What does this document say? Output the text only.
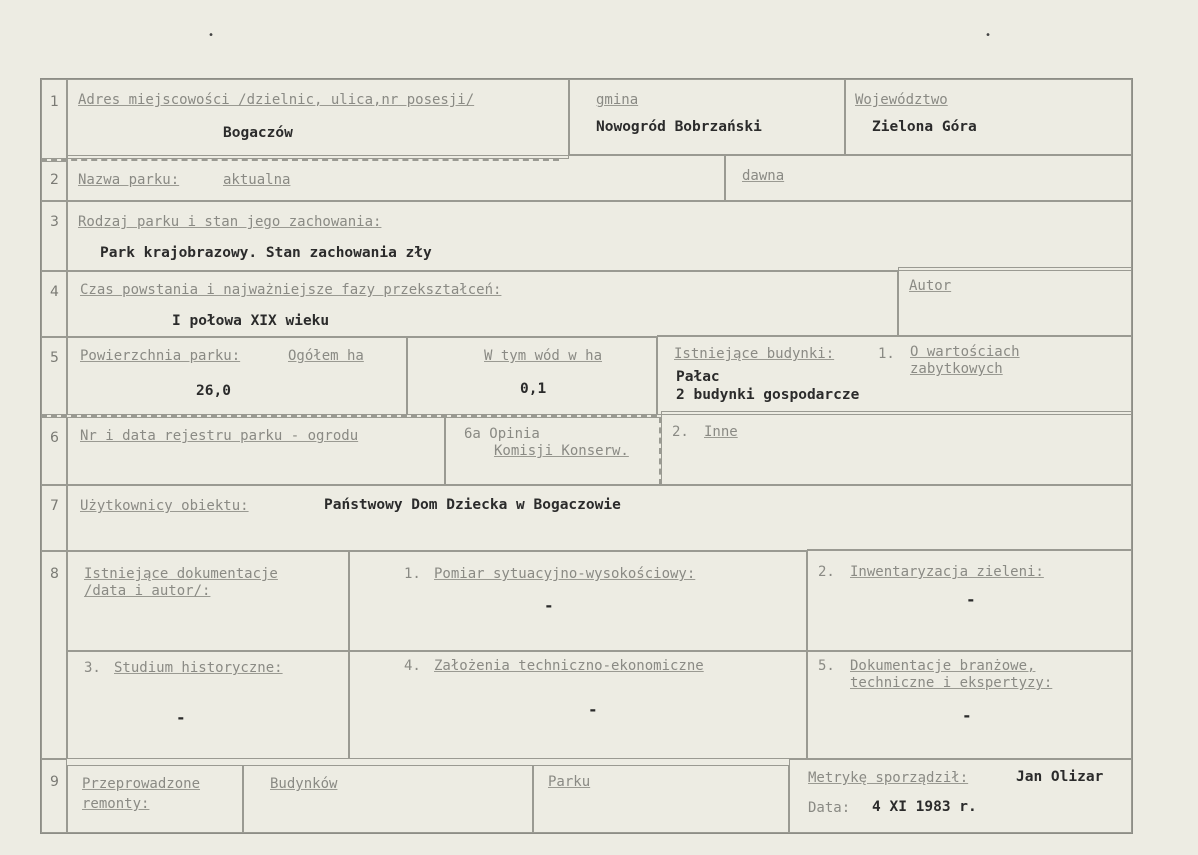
•	•
1 Adres miejscowości /dzielnic, ulica,nr posesji/
Bogaczów
gmina
Nowogród Bobrzański
Województwo
Zielona Góra
2 Nazwa parku:	aktualna	dawna
3 Rodzaj parku i stan jego zachowania:
Park krajobrazowy. Stan zachowania zły
4 Czas powstania i najważniejsze fazy przekształceń:
I połowa XIX wieku
Autor
5 Powierzchnia parku:	Ogółem ha
26,0
W tym wód w ha
0,1
Istniejące budynki:	1. O wartościach
zabytkowych
Pałac
2 budynki gospodarcze
6 Nr i data rejestru parku - ogrodu	6a Opinia
Komisji Konserw.
2. Inne
7 Użytkownicy obiektu:	Państwowy Dom Dziecka w Bogaczowie
8 Istniejące dokumentacje
/data i autor/:
1. Pomiar sytuacyjno-wysokościowy:
-
2. Inwentaryzacja zieleni:
-
3. Studium historyczne:
-
4. Założenia techniczno-ekonomiczne
-
5. Dokumentacje branżowe,
techniczne i ekspertyzy:
-
9 Przeprowadzone
remonty:
Budynków	Parku	Metrykę sporządził:	Jan Olizar
Data: 4 XI 1983 r.
